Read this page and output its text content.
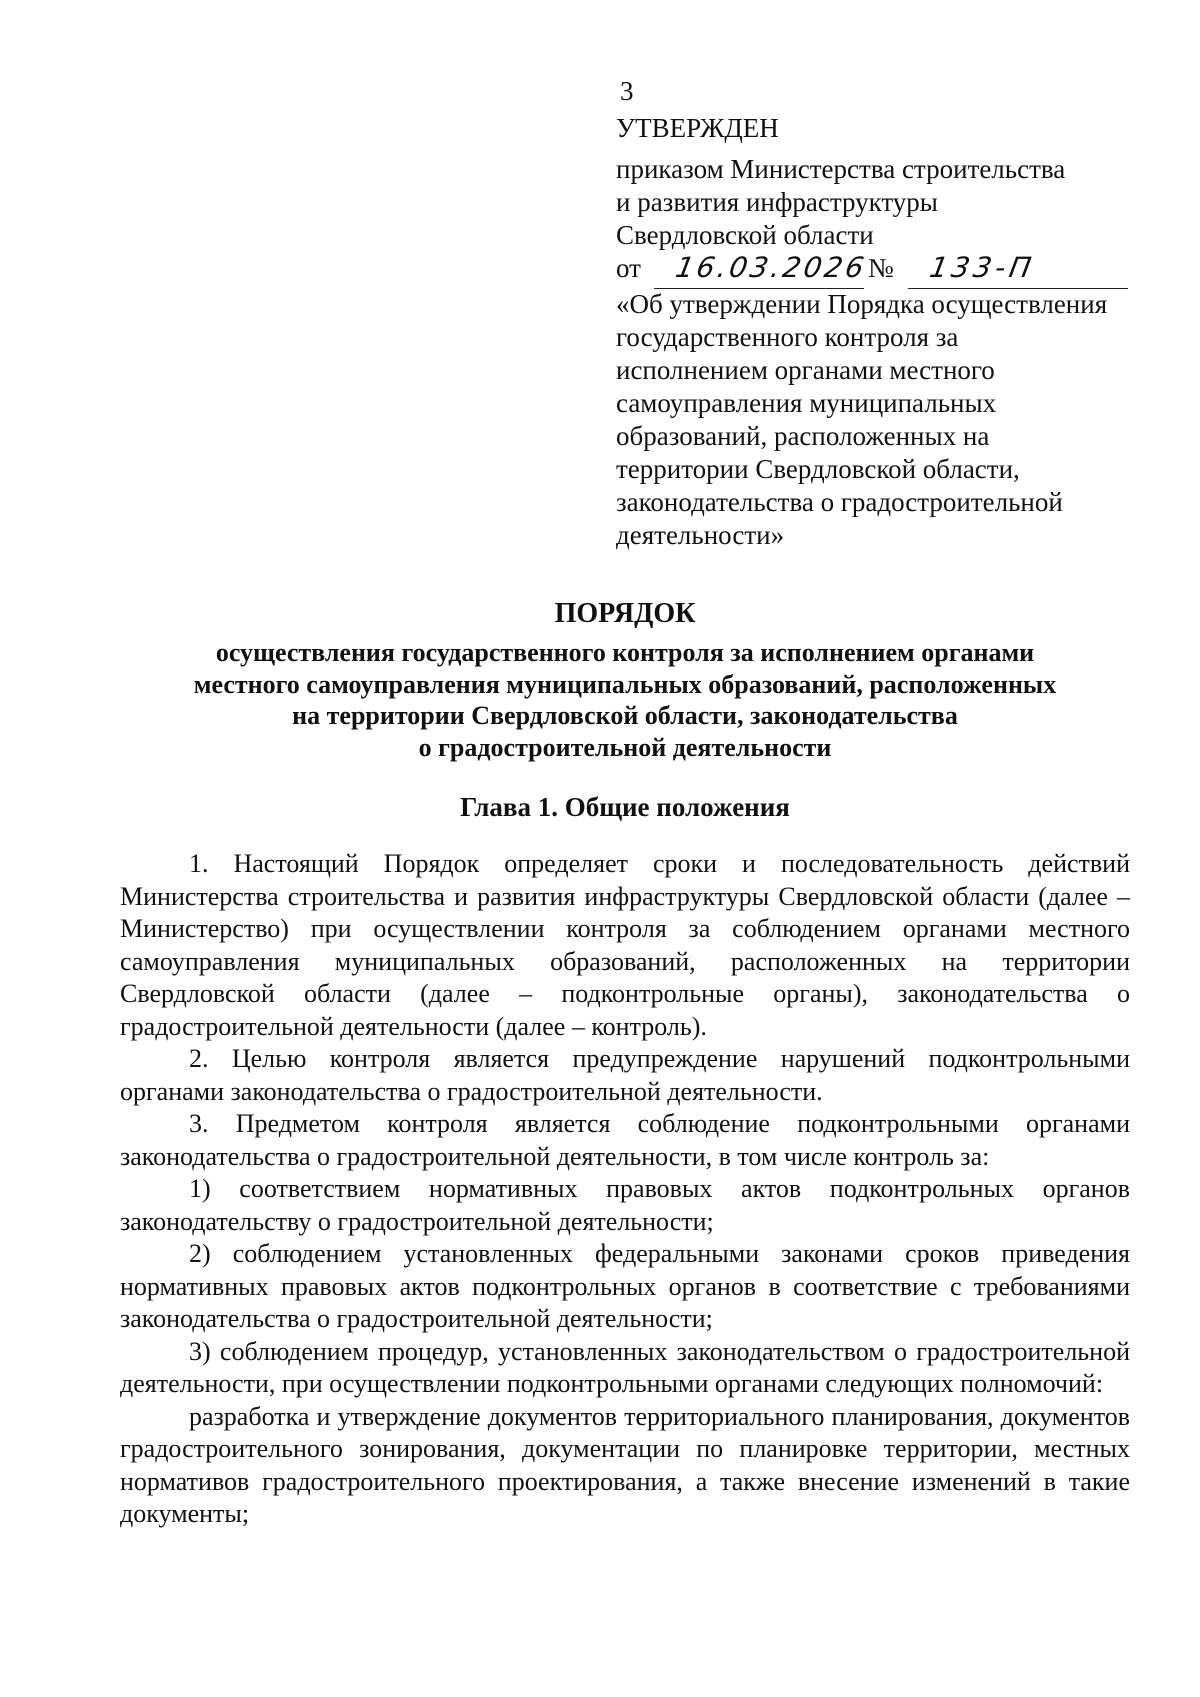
3
УТВЕРЖДЕН
приказом Министерства строительства
и развития инфраструктуры
Свердловской области
от 16.03.2026
№ 133-П
«Об утверждении Порядка осуществления
государственного контроля за
исполнением органами местного
самоуправления муниципальных
образований, расположенных на
территории Свердловской области,
законодательства о градостроительной
деятельности»
ПОРЯДОК
осуществления государственного контроля за исполнением органами
местного самоуправления муниципальных образований, расположенных
на территории Свердловской области, законодательства
о градостроительной деятельности
Глава 1. Общие положения

1. Настоящий Порядок определяет сроки и последовательность действий Министерства строительства и развития инфраструктуры Свердловской области (далее – Министерство) при осуществлении контроля за соблюдением органами местного самоуправления муниципальных образований, расположенных на территории Свердловской области (далее – подконтрольные органы), законодательства о градостроительной деятельности (далее – контроль).

2. Целью контроля является предупреждение нарушений подконтрольными органами законодательства о градостроительной деятельности.

3. Предметом контроля является соблюдение подконтрольными органами законодательства о градостроительной деятельности, в том числе контроль за:

1) соответствием нормативных правовых актов подконтрольных органов законодательству о градостроительной деятельности;

2) соблюдением установленных федеральными законами сроков приведения нормативных правовых актов подконтрольных органов в соответствие с требованиями законодательства о градостроительной деятельности;

3) соблюдением процедур, установленных законодательством о градостроительной деятельности, при осуществлении подконтрольными органами следующих полномочий:

разработка и утверждение документов территориального планирования, документов градостроительного зонирования, документации по планировке территории, местных нормативов градостроительного проектирования, а также внесение изменений в такие документы;
